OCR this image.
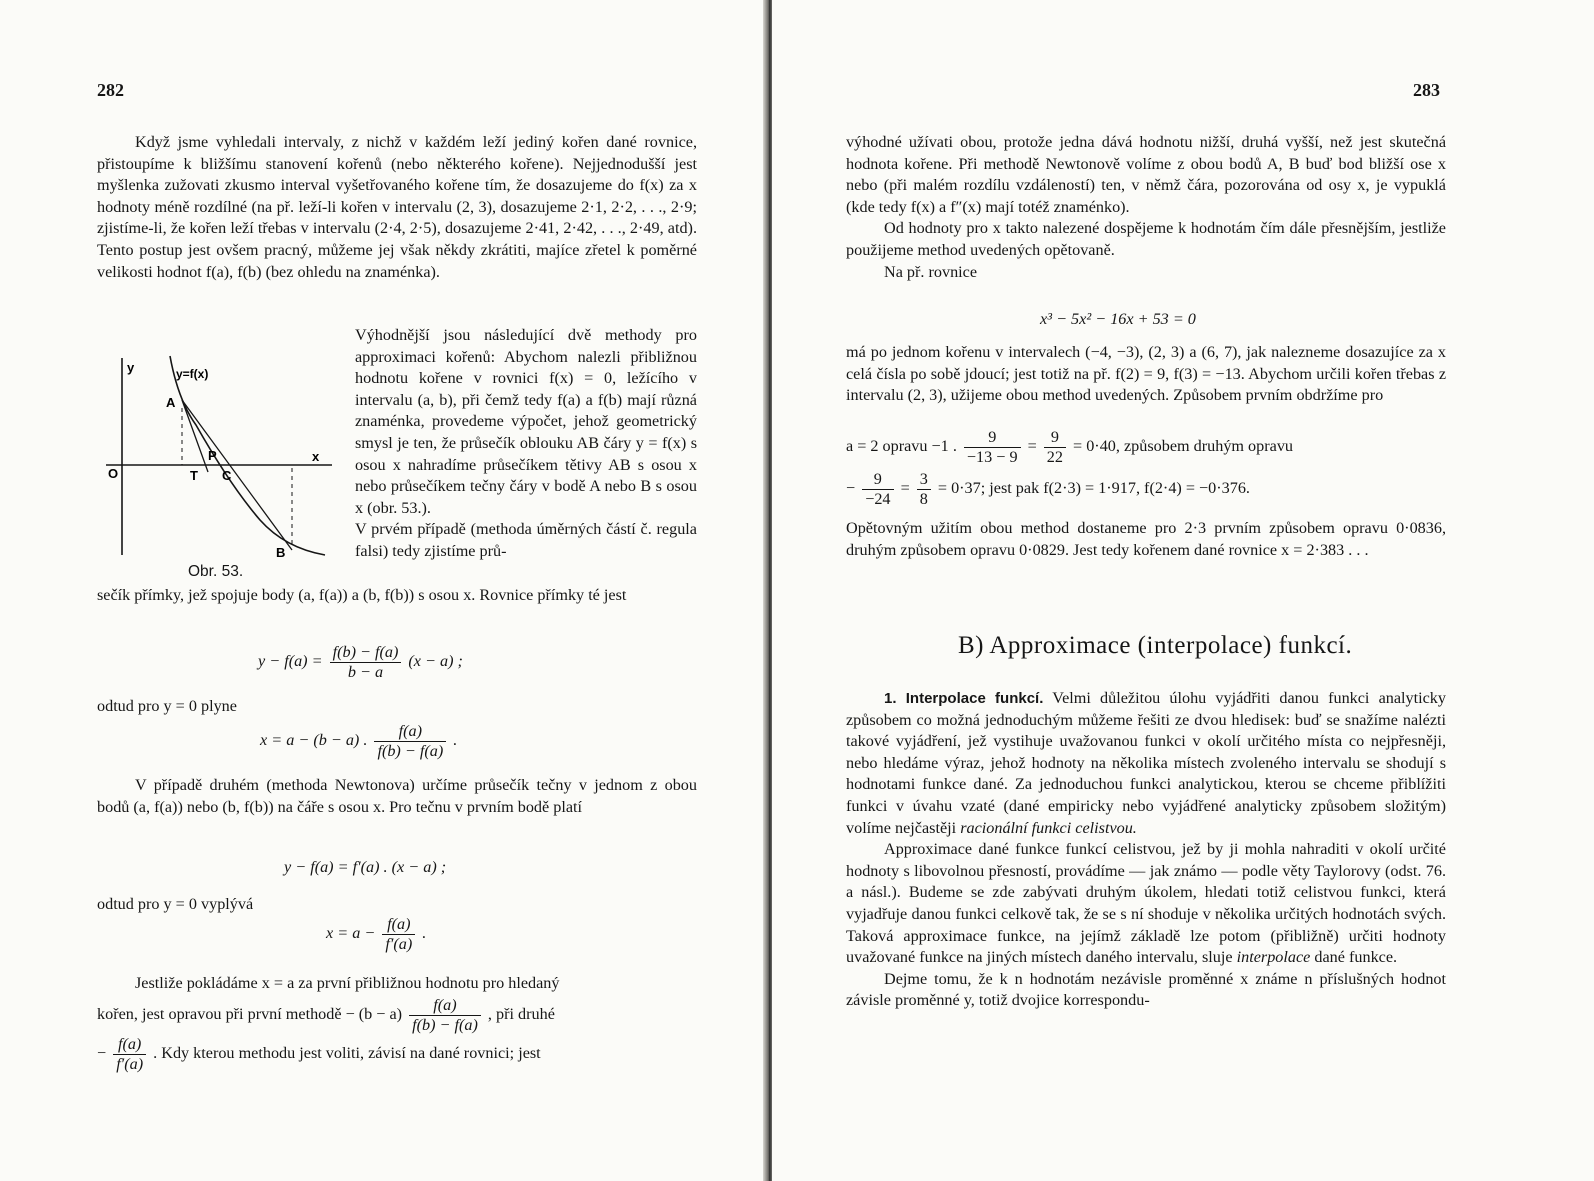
282

Když jsme vyhledali intervaly, z nichž v každém leží jediný kořen dané rovnice, přistoupíme k bližšímu stanovení kořenů (nebo některého kořene). Nejjednodušší jest myšlenka zužovati zkusmo interval vyšetřovaného kořene tím, že dosazujeme do f(x) za x hodnoty méně rozdílné (na př. leží-li kořen v intervalu (2, 3), dosazujeme 2·1, 2·2, . . ., 2·9; zjistíme-li, že kořen leží třebas v intervalu (2·4, 2·5), dosazujeme 2·41, 2·42, . . ., 2·49, atd). Tento postup jest ovšem pracný, můžeme jej však někdy zkrátiti, majíce zřetel k poměrné velikosti hodnot f(a), f(b) (bez ohledu na znaménka).

y	y=f(x)
A
O
P
T C
x
B
Obr. 53.

Výhodnější jsou následující dvě methody pro approximaci kořenů: Abychom nalezli přibližnou hodnotu kořene v rovnici f(x) = 0, ležícího v intervalu (a, b), při čemž tedy f(a) a f(b) mají různá znaménka, provedeme výpočet, jehož geometrický smysl je ten, že průsečík oblouku AB čáry y = f(x) s osou x nahradíme průsečíkem tětivy AB s osou x nebo průsečíkem tečny čáry v bodě A nebo B s osou x (obr. 53.).

V prvém případě (methoda úměrných částí č. regula falsi) tedy zjistíme prů-

sečík přímky, jež spojuje body (a, f(a)) a (b, f(b)) s osou x. Rovnice přímky té jest

$y - f(a) = \frac{f(b) - f(a)}{b - a} (x - a)$ ;
odtud pro y = 0 plyne
x = a − (b − a) . $\frac{f(a)}{f(b) - f(a)}$ .

V případě druhém (methoda Newtonova) určíme průsečík tečny v jednom z obou bodů (a, f(a)) nebo (b, f(b)) na čáře s osou x. Pro tečnu v prvním bodě platí

y − f(a) = f′(a) . (x − a) ;
odtud pro y = 0 vyplývá
$x = a - \frac{f(a)}{f'(a)}$ .

Jestliže pokládáme x = a za první přibližnou hodnotu pro hledaný

kořen, jest opravou při první methodě − $(b - a) \frac{f(a)}{f(b) - f(a)}$ , při druhé
− $\frac{f(a)}{f'(a)}$ . Kdy kterou methodu jest voliti, závisí na dané rovnici; jest
283

výhodné užívati obou, protože jedna dává hodnotu nižší, druhá vyšší, než jest skutečná hodnota kořene. Při methodě Newtonově volíme z obou bodů A, B buď bod bližší ose x nebo (při malém rozdílu vzdáleností) ten, v němž čára, pozorována od osy x, je vypuklá (kde tedy f(x) a f″(x) mají totéž znaménko).

Od hodnoty pro x takto nalezené dospějeme k hodnotám čím dále přesnějším, jestliže použijeme method uvedených opětovaně.

Na př. rovnice

x³ − 5x² − 16x + 53 = 0

má po jednom kořenu v intervalech (−4, −3), (2, 3) a (6, 7), jak nalezneme dosazujíce za x celá čísla po sobě jdoucí; jest totiž na př. f(2) = 9, f(3) = −13. Abychom určili kořen třebas z intervalu (2, 3), užijeme obou method uvedených. Způsobem prvním obdržíme pro

a = 2 opravu −1 . $\frac{9}{-13 - 9} = \frac{9}{22} = 0\cdot 40$, způsobem druhým opravu
− $\frac{9}{-24} = \frac{3}{8} = 0\cdot 37$; jest pak f(2·3) = 1·917, f(2·4) = −0·376.

Opětovným užitím obou method dostaneme pro 2·3 prvním způsobem opravu 0·0836, druhým způsobem opravu 0·0829. Jest tedy kořenem dané rovnice x = 2·383 . . .

B) Approximace (interpolace) funkcí.

1. Interpolace funkcí. Velmi důležitou úlohu vyjádřiti danou funkci analyticky způsobem co možná jednoduchým můžeme řešiti ze dvou hledisek: buď se snažíme nalézti takové vyjádření, jež vystihuje uvažovanou funkci v okolí určitého místa co nejpřesněji, nebo hledáme výraz, jehož hodnoty na několika místech zvoleného intervalu se shodují s hodnotami funkce dané. Za jednoduchou funkci analytickou, kterou se chceme přiblížiti funkci v úvahu vzaté (dané empiricky nebo vyjádřené analyticky způsobem složitým) volíme nejčastěji racionální funkci celistvou.

Approximace dané funkce funkcí celistvou, jež by ji mohla nahraditi v okolí určité hodnoty s libovolnou přesností, provádíme — jak známo — podle věty Taylorovy (odst. 76. a násl.). Budeme se zde zabývati druhým úkolem, hledati totiž celistvou funkci, která vyjadřuje danou funkci celkově tak, že se s ní shoduje v několika určitých hodnotách svých. Taková approximace funkce, na jejímž základě lze potom (přibližně) určiti hodnoty uvažované funkce na jiných místech daného intervalu, sluje interpolace dané funkce.

Dejme tomu, že k n hodnotám nezávisle proměnné x známe n příslušných hodnot závisle proměnné y, totiž dvojice korrespondu-
